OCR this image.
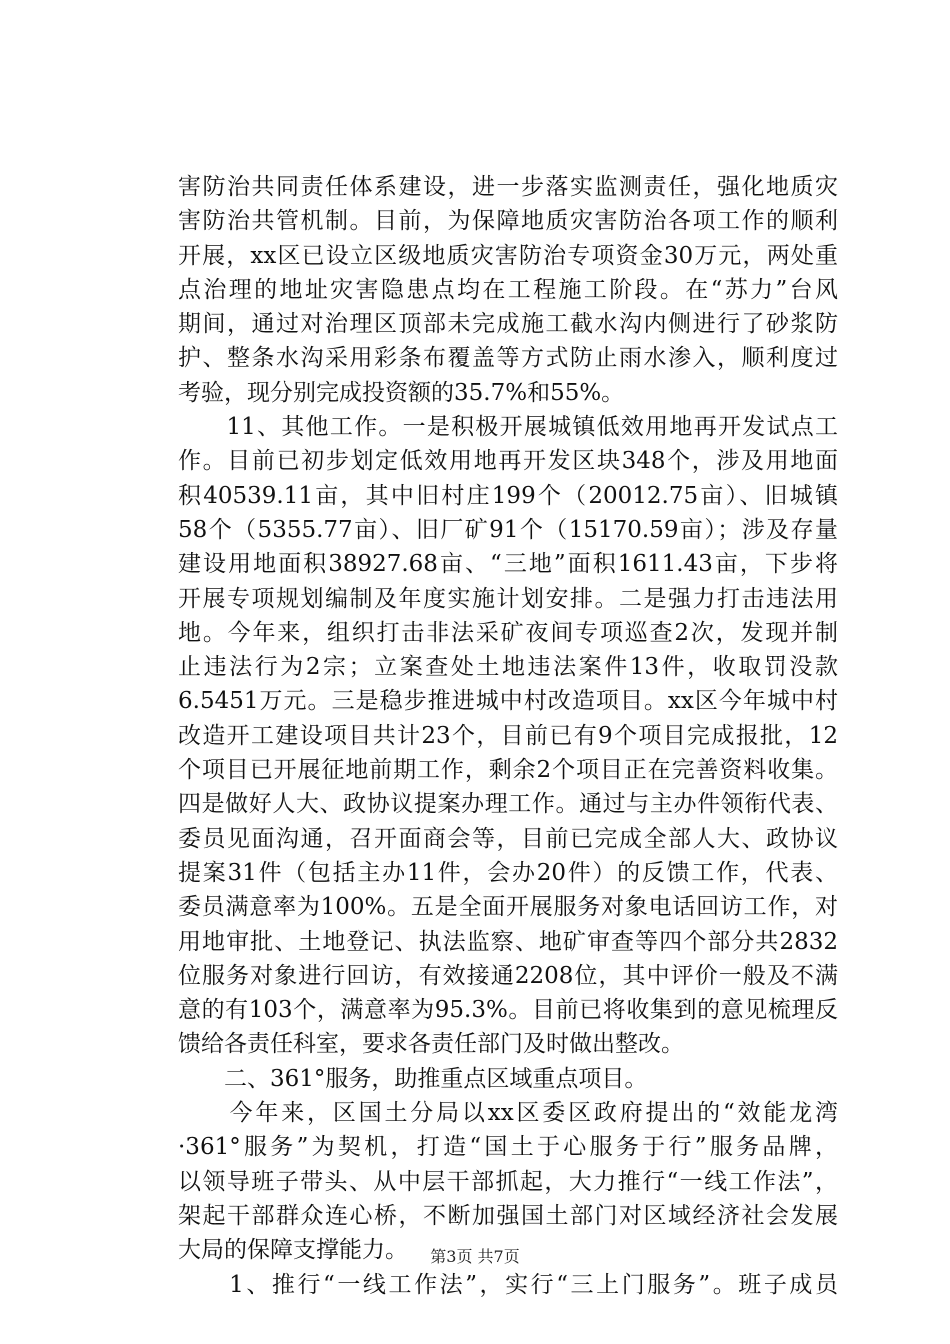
害防治共同责任体系建设，进一步落实监测责任，强化地质灾
害防治共管机制。目前，为保障地质灾害防治各项工作的顺利
开展，xx区已设立区级地质灾害防治专项资金30万元，两处重
点治理的地址灾害隐患点均在工程施工阶段。在“苏力”台风
期间，通过对治理区顶部未完成施工截水沟内侧进行了砂浆防
护、整条水沟采用彩条布覆盖等方式防止雨水渗入，顺利度过
考验，现分别完成投资额的35.7%和55%。
　　11、其他工作。一是积极开展城镇低效用地再开发试点工
作。目前已初步划定低效用地再开发区块348个，涉及用地面
积40539.11亩，其中旧村庄199个（20012.75亩）、旧城镇
58个（5355.77亩）、旧厂矿91个（15170.59亩）；涉及存量
建设用地面积38927.68亩、“三地”面积1611.43亩，下步将
开展专项规划编制及年度实施计划安排。二是强力打击违法用
地。今年来，组织打击非法采矿夜间专项巡查2次，发现并制
止违法行为2宗；立案查处土地违法案件13件，收取罚没款
6.5451万元。三是稳步推进城中村改造项目。xx区今年城中村
改造开工建设项目共计23个，目前已有9个项目完成报批，12
个项目已开展征地前期工作，剩余2个项目正在完善资料收集。
四是做好人大、政协议提案办理工作。通过与主办件领衔代表、
委员见面沟通，召开面商会等，目前已完成全部人大、政协议
提案31件（包括主办11件，会办20件）的反馈工作，代表、
委员满意率为100%。五是全面开展服务对象电话回访工作，对
用地审批、土地登记、执法监察、地矿审查等四个部分共2832
位服务对象进行回访，有效接通2208位，其中评价一般及不满
意的有103个，满意率为95.3%。目前已将收集到的意见梳理反
馈给各责任科室，要求各责任部门及时做出整改。
　　二、361°服务，助推重点区域重点项目。
　　今年来，区国土分局以xx区委区政府提出的“效能龙湾
·361°服务”为契机，打造“国土于心服务于行”服务品牌，
以领导班子带头、从中层干部抓起，大力推行“一线工作法”，
架起干部群众连心桥，不断加强国土部门对区域经济社会发展
大局的保障支撑能力。
　　1、推行“一线工作法”，实行“三上门服务”。班子成员
第3页 共7页
